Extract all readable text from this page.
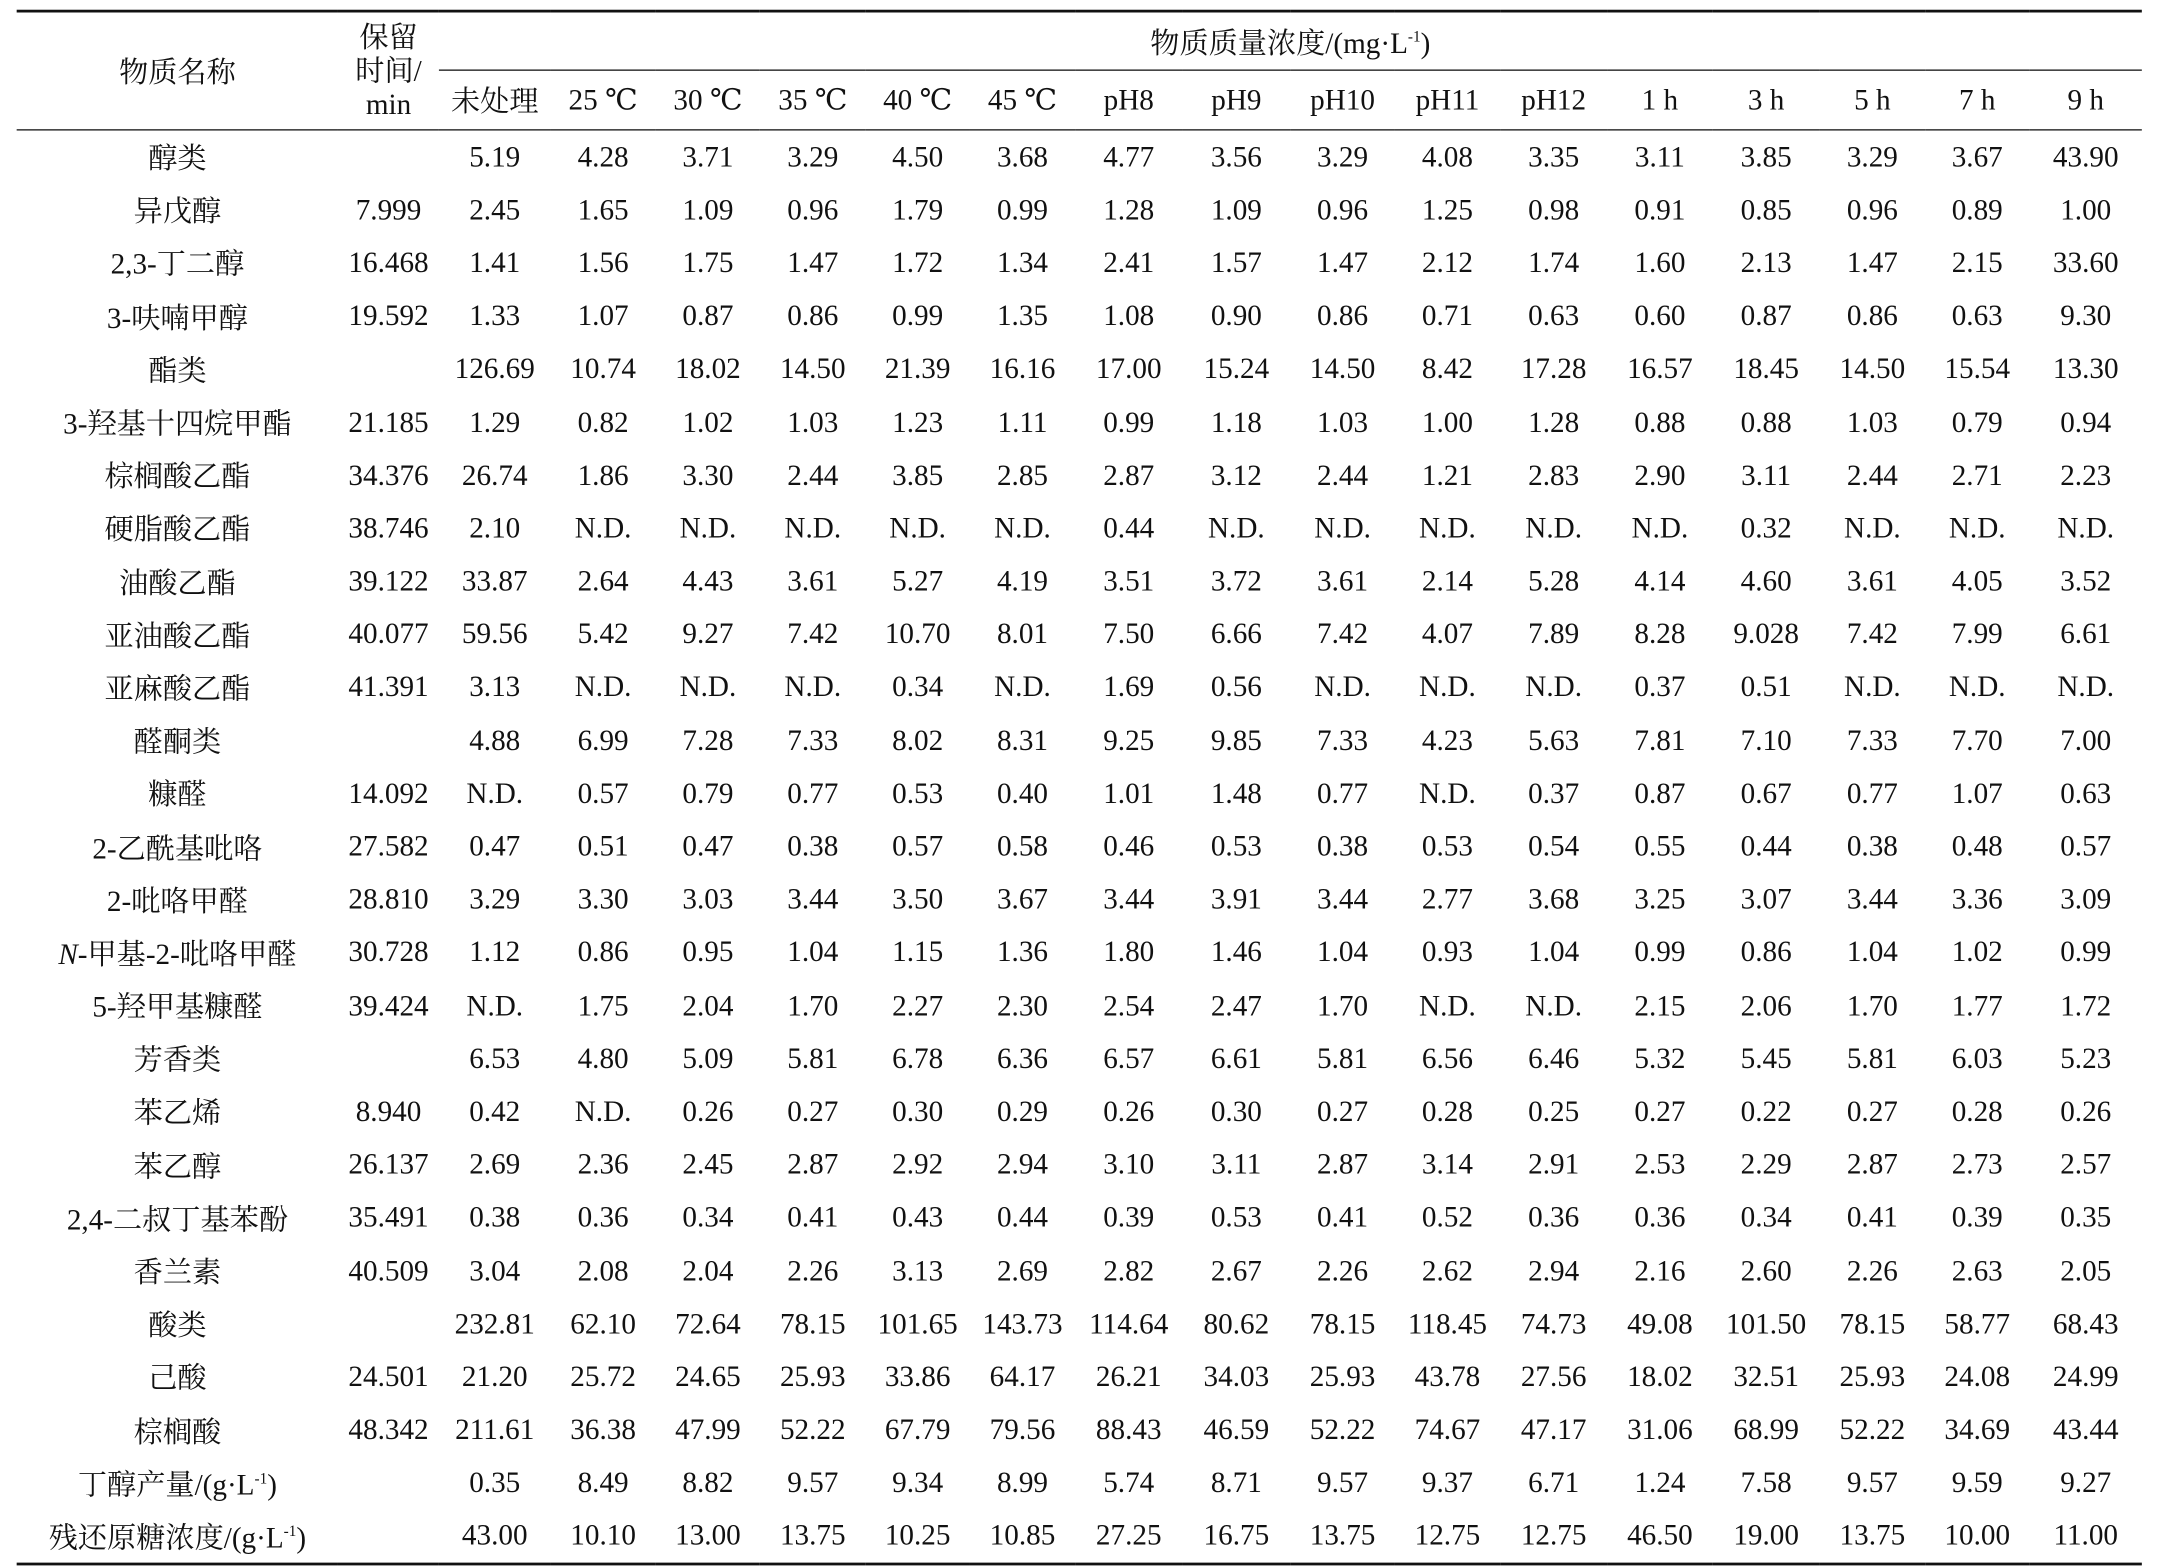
物质名称	保留
时间/
min	物质质量浓度$/(mg\cdot L^{-1})$															
		未处理	25 ℃	30 ℃	35 ℃	40 ℃	45 ℃	pH8	pH9	pH10	pH11	pH12	1 h	3 h	5 h	7 h	9 h
醇类		5.19	4.28	3.71	3.29	4.50	3.68	4.77	3.56	3.29	4.08	3.35	3.11	3.85	3.29	3.67	43.90
异戊醇	7.999	2.45	1.65	1.09	0.96	1.79	0.99	1.28	1.09	0.96	1.25	0.98	0.91	0.85	0.96	0.89	1.00
2,3-丁二醇	16.468	1.41	1.56	1.75	1.47	1.72	1.34	2.41	1.57	1.47	2.12	1.74	1.60	2.13	1.47	2.15	33.60
3-呋喃甲醇	19.592	1.33	1.07	0.87	0.86	0.99	1.35	1.08	0.90	0.86	0.71	0.63	0.60	0.87	0.86	0.63	9.30
酯类		126.69	10.74	18.02	14.50	21.39	16.16	17.00	15.24	14.50	8.42	17.28	16.57	18.45	14.50	15.54	13.30
3-羟基十四烷甲酯	21.185	1.29	0.82	1.02	1.03	1.23	1.11	0.99	1.18	1.03	1.00	1.28	0.88	0.88	1.03	0.79	0.94
棕榈酸乙酯	34.376	26.74	1.86	3.30	2.44	3.85	2.85	2.87	3.12	2.44	1.21	2.83	2.90	3.11	2.44	2.71	2.23
硬脂酸乙酯	38.746	2.10	N.D.	N.D.	N.D.	N.D.	N.D.	0.44	N.D.	N.D.	N.D.	N.D.	N.D.	0.32	N.D.	N.D.	N.D.
油酸乙酯	39.122	33.87	2.64	4.43	3.61	5.27	4.19	3.51	3.72	3.61	2.14	5.28	4.14	4.60	3.61	4.05	3.52
亚油酸乙酯	40.077	59.56	5.42	9.27	7.42	10.70	8.01	7.50	6.66	7.42	4.07	7.89	8.28	9.028	7.42	7.99	6.61
亚麻酸乙酯	41.391	3.13	N.D.	N.D.	N.D.	0.34	N.D.	1.69	0.56	N.D.	N.D.	N.D.	0.37	0.51	N.D.	N.D.	N.D.
醛酮类		4.88	6.99	7.28	7.33	8.02	8.31	9.25	9.85	7.33	4.23	5.63	7.81	7.10	7.33	7.70	7.00
糠醛	14.092	N.D.	0.57	0.79	0.77	0.53	0.40	1.01	1.48	0.77	N.D.	0.37	0.87	0.67	0.77	1.07	0.63
2-乙酰基吡咯	27.582	0.47	0.51	0.47	0.38	0.57	0.58	0.46	0.53	0.38	0.53	0.54	0.55	0.44	0.38	0.48	0.57
2-吡咯甲醛	28.810	3.29	3.30	3.03	3.44	3.50	3.67	3.44	3.91	3.44	2.77	3.68	3.25	3.07	3.44	3.36	3.09
N-甲基-2-吡咯甲醛	30.728	1.12	0.86	0.95	1.04	1.15	1.36	1.80	1.46	1.04	0.93	1.04	0.99	0.86	1.04	1.02	0.99
5-羟甲基糠醛	39.424	N.D.	1.75	2.04	1.70	2.27	2.30	2.54	2.47	1.70	N.D.	N.D.	2.15	2.06	1.70	1.77	1.72
芳香类		6.53	4.80	5.09	5.81	6.78	6.36	6.57	6.61	5.81	6.56	6.46	5.32	5.45	5.81	6.03	5.23
苯乙烯	8.940	0.42	N.D.	0.26	0.27	0.30	0.29	0.26	0.30	0.27	0.28	0.25	0.27	0.22	0.27	0.28	0.26
苯乙醇	26.137	2.69	2.36	2.45	2.87	2.92	2.94	3.10	3.11	2.87	3.14	2.91	2.53	2.29	2.87	2.73	2.57
2,4-二叔丁基苯酚	35.491	0.38	0.36	0.34	0.41	0.43	0.44	0.39	0.53	0.41	0.52	0.36	0.36	0.34	0.41	0.39	0.35
香兰素	40.509	3.04	2.08	2.04	2.26	3.13	2.69	2.82	2.67	2.26	2.62	2.94	2.16	2.60	2.26	2.63	2.05
酸类		232.81	62.10	72.64	78.15	101.65	143.73	114.64	80.62	78.15	118.45	74.73	49.08	101.50	78.15	58.77	68.43
己酸	24.501	21.20	25.72	24.65	25.93	33.86	64.17	26.21	34.03	25.93	43.78	27.56	18.02	32.51	25.93	24.08	24.99
棕榈酸	48.342	211.61	36.38	47.99	52.22	67.79	79.56	88.43	46.59	52.22	74.67	47.17	31.06	68.99	52.22	34.69	43.44
丁醇产量$/(g\cdot L^{-1})$		0.35	8.49	8.82	9.57	9.34	8.99	5.74	8.71	9.57	9.37	6.71	1.24	7.58	9.57	9.59	9.27
残还原糖浓度$/(g\cdot L^{-1})$		43.00	10.10	13.00	13.75	10.25	10.85	27.25	16.75	13.75	12.75	12.75	46.50	19.00	13.75	10.00	11.00
